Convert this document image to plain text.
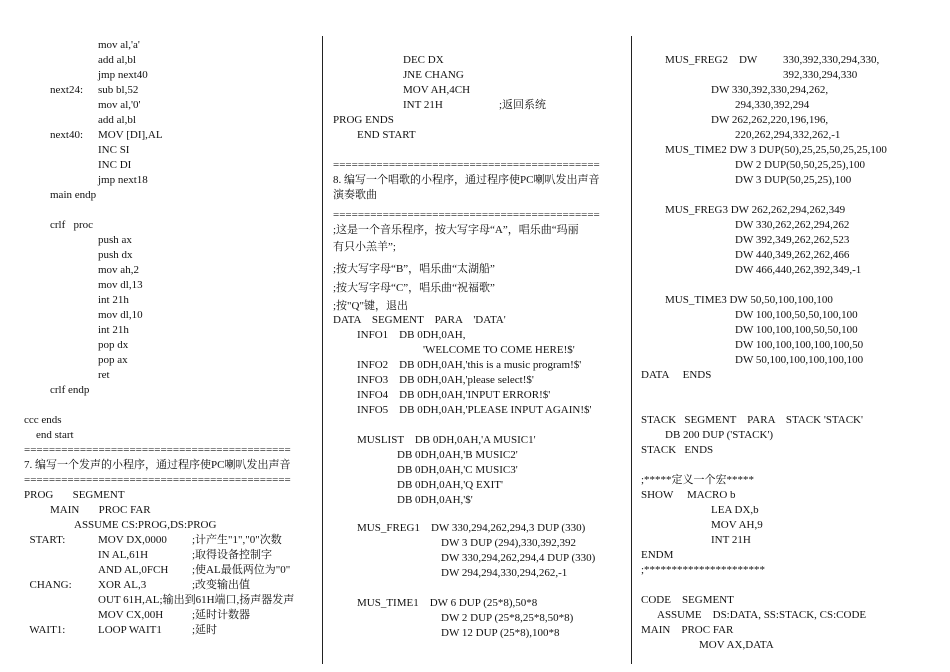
mov al,'a'
add al,bl
jmp next40
next24: sub bl,52
mov al,'0'
add al,bl
next40: MOV [DI],AL
INC SI
INC DI
jmp next18
main endp
crlf   proc
push ax
push dx
mov ah,2
mov dl,13
int 21h
mov dl,10
int 21h
pop dx
pop ax
ret
crlf endp
ccc ends
end start
===========================================
7. 编写一个发声的小程序，通过程序使PC喇叭发出声音
===========================================
PROG       SEGMENT
MAIN       PROC FAR
ASSUME CS:PROG,DS:PROG
START:	MOV DX,0000 ;计产生"1","0"次数
IN AL,61H	;取得设备控制字
AND AL,0FCH ;使AL最低两位为"0"
CHANG: XOR AL,3	;改变输出值
OUT 61H,AL;输出到61H端口,扬声器发声
MOV CX,00H	;延时计数器
WAIT1:	LOOP WAIT1	;延时
DEC DX
JNE CHANG
MOV AH,4CH
INT 21H	;返回系统
PROG ENDS
END START
===========================================
8. 编写一个唱歌的小程序，通过程序使PC喇叭发出声音
演奏歌曲
===========================================
;这是一个音乐程序，按大写字母“A”，唱乐曲“玛丽
有只小羔羊”;
;按大写字母“B”，唱乐曲“太湖船”
;按大写字母“C”，唱乐曲“祝福歌”
;按"Q"键，退出
DATA    SEGMENT    PARA    'DATA'
INFO1    DB 0DH,0AH,
'WELCOME TO COME HERE!$'
INFO2    DB 0DH,0AH,'this is a music program!$'
INFO3    DB 0DH,0AH,'please select!$'
INFO4    DB 0DH,0AH,'INPUT ERROR!$'
INFO5    DB 0DH,0AH,'PLEASE INPUT AGAIN!$'
MUSLIST    DB 0DH,0AH,'A MUSIC1'
DB 0DH,0AH,'B MUSIC2'
DB 0DH,0AH,'C MUSIC3'
DB 0DH,0AH,'Q EXIT'
DB 0DH,0AH,'$'
MUS_FREG1    DW 330,294,262,294,3 DUP (330)
DW 3 DUP (294),330,392,392
DW 330,294,262,294,4 DUP (330)
DW 294,294,330,294,262,-1
MUS_TIME1    DW 6 DUP (25*8),50*8
DW 2 DUP (25*8,25*8,50*8)
DW 12 DUP (25*8),100*8
MUS_FREG2    DW 330,392,330,294,330,
392,330,294,330
DW 330,392,330,294,262,
294,330,392,294
DW 262,262,220,196,196,
220,262,294,332,262,-1
MUS_TIME2 DW 3 DUP(50),25,25,50,25,25,100
DW 2 DUP(50,50,25,25),100
DW 3 DUP(50,25,25),100
MUS_FREG3 DW 262,262,294,262,349
DW 330,262,262,294,262
DW 392,349,262,262,523
DW 440,349,262,262,466
DW 466,440,262,392,349,-1
MUS_TIME3 DW 50,50,100,100,100
DW 100,100,50,50,100,100
DW 100,100,100,50,50,100
DW 100,100,100,100,100,50
DW 50,100,100,100,100,100
DATA     ENDS
STACK   SEGMENT    PARA    STACK 'STACK'
DB 200 DUP ('STACK')
STACK   ENDS
;*****定义一个宏*****
SHOW     MACRO b
LEA DX,b
MOV AH,9
INT 21H
ENDM
;**********************
CODE    SEGMENT
ASSUME    DS:DATA, SS:STACK, CS:CODE
MAIN    PROC FAR
MOV AX,DATA
